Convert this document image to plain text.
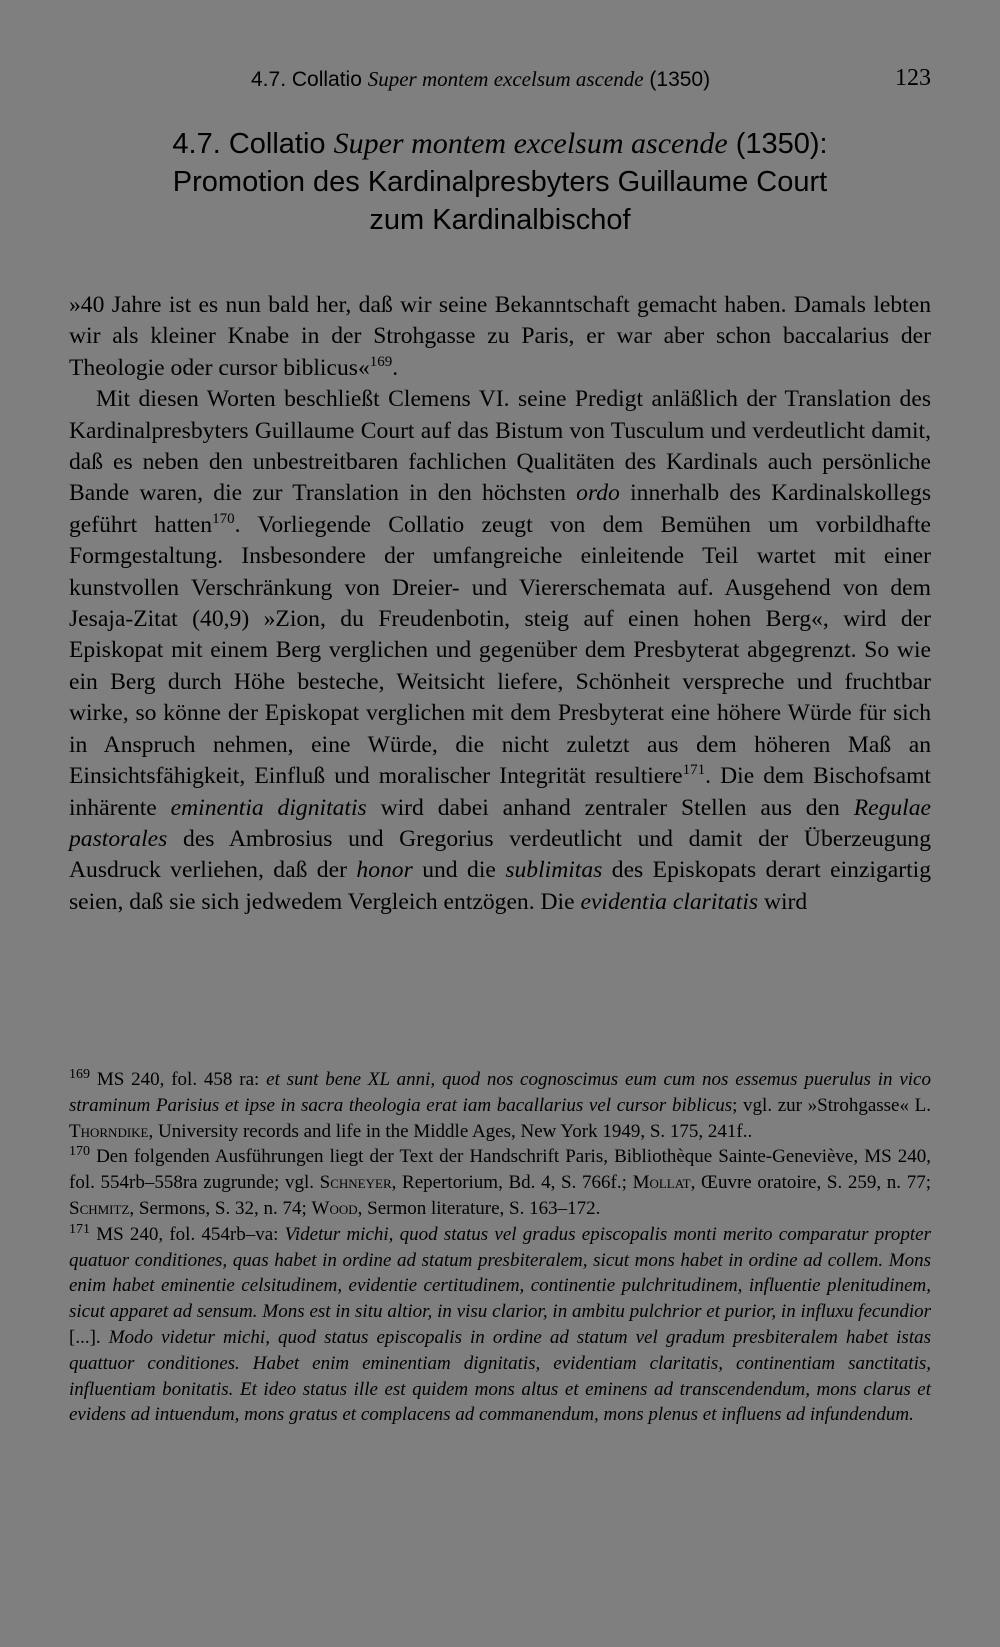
4.7. Collatio Super montem excelsum ascende (1350)	123
4.7. Collatio Super montem excelsum ascende (1350):
Promotion des Kardinalpresbyters Guillaume Court
zum Kardinalbischof

»40 Jahre ist es nun bald her, daß wir seine Bekanntschaft gemacht haben. Damals lebten wir als kleiner Knabe in der Strohgasse zu Paris, er war aber schon baccalarius der Theologie oder cursor biblicus«$^{169}$.

Mit diesen Worten beschließt Clemens VI. seine Predigt anläßlich der Translation des Kardinalpresbyters Guillaume Court auf das Bistum von Tusculum und verdeutlicht damit, daß es neben den unbestreitbaren fachlichen Qualitäten des Kardinals auch persönliche Bande waren, die zur Translation in den höchsten ordo innerhalb des Kardinalskollegs geführt hatten$^{170}$. Vorliegende Collatio zeugt von dem Bemühen um vorbildhafte Formgestaltung. Insbesondere der umfangreiche einleitende Teil wartet mit einer kunstvollen Verschränkung von Dreier- und Viererschemata auf. Ausgehend von dem Jesaja-Zitat (40,9) »Zion, du Freudenbotin, steig auf einen hohen Berg«, wird der Episkopat mit einem Berg verglichen und gegenüber dem Presbyterat abgegrenzt. So wie ein Berg durch Höhe besteche, Weitsicht liefere, Schönheit verspreche und fruchtbar wirke, so könne der Episkopat verglichen mit dem Presbyterat eine höhere Würde für sich in Anspruch nehmen, eine Würde, die nicht zuletzt aus dem höheren Maß an Einsichtsfähigkeit, Einfluß und moralischer Integrität resultiere$^{171}$. Die dem Bischofsamt inhärente eminentia dignitatis wird dabei anhand zentraler Stellen aus den Regulae pastorales des Ambrosius und Gregorius verdeutlicht und damit der Überzeugung Ausdruck verliehen, daß der honor und die sublimitas des Episkopats derart einzigartig seien, daß sie sich jedwedem Vergleich entzögen. Die evidentia claritatis wird

$^{169}$ MS 240, fol. 458 ra: et sunt bene XL anni, quod nos cognoscimus eum cum nos essemus puerulus in vico straminum Parisius et ipse in sacra theologia erat iam bacallarius vel cursor biblicus; vgl. zur »Strohgasse« L. Thorndike, University records and life in the Middle Ages, New York 1949, S. 175, 241f..

$^{170}$ Den folgenden Ausführungen liegt der Text der Handschrift Paris, Bibliothèque Sainte-Geneviève, MS 240, fol. 554rb–558ra zugrunde; vgl. Schneyer, Repertorium, Bd. 4, S. 766f.; Mollat, Œuvre oratoire, S. 259, n. 77; Schmitz, Sermons, S. 32, n. 74; Wood, Sermon literature, S. 163–172.

$^{171}$ MS 240, fol. 454rb–va: Videtur michi, quod status vel gradus episcopalis monti merito comparatur propter quatuor conditiones, quas habet in ordine ad statum presbiteralem, sicut mons habet in ordine ad collem. Mons enim habet eminentie celsitudinem, evidentie certitudinem, continentie pulchritudinem, influentie plenitudinem, sicut apparet ad sensum. Mons est in situ altior, in visu clarior, in ambitu pulchrior et purior, in influxu fecundior [...]. Modo videtur michi, quod status episcopalis in ordine ad statum vel gradum presbiteralem habet istas quattuor conditiones. Habet enim eminentiam dignitatis, evidentiam claritatis, continentiam sanctitatis, influentiam bonitatis. Et ideo status ille est quidem mons altus et eminens ad transcendendum, mons clarus et evidens ad intuendum, mons gratus et complacens ad commanendum, mons plenus et influens ad infundendum.
